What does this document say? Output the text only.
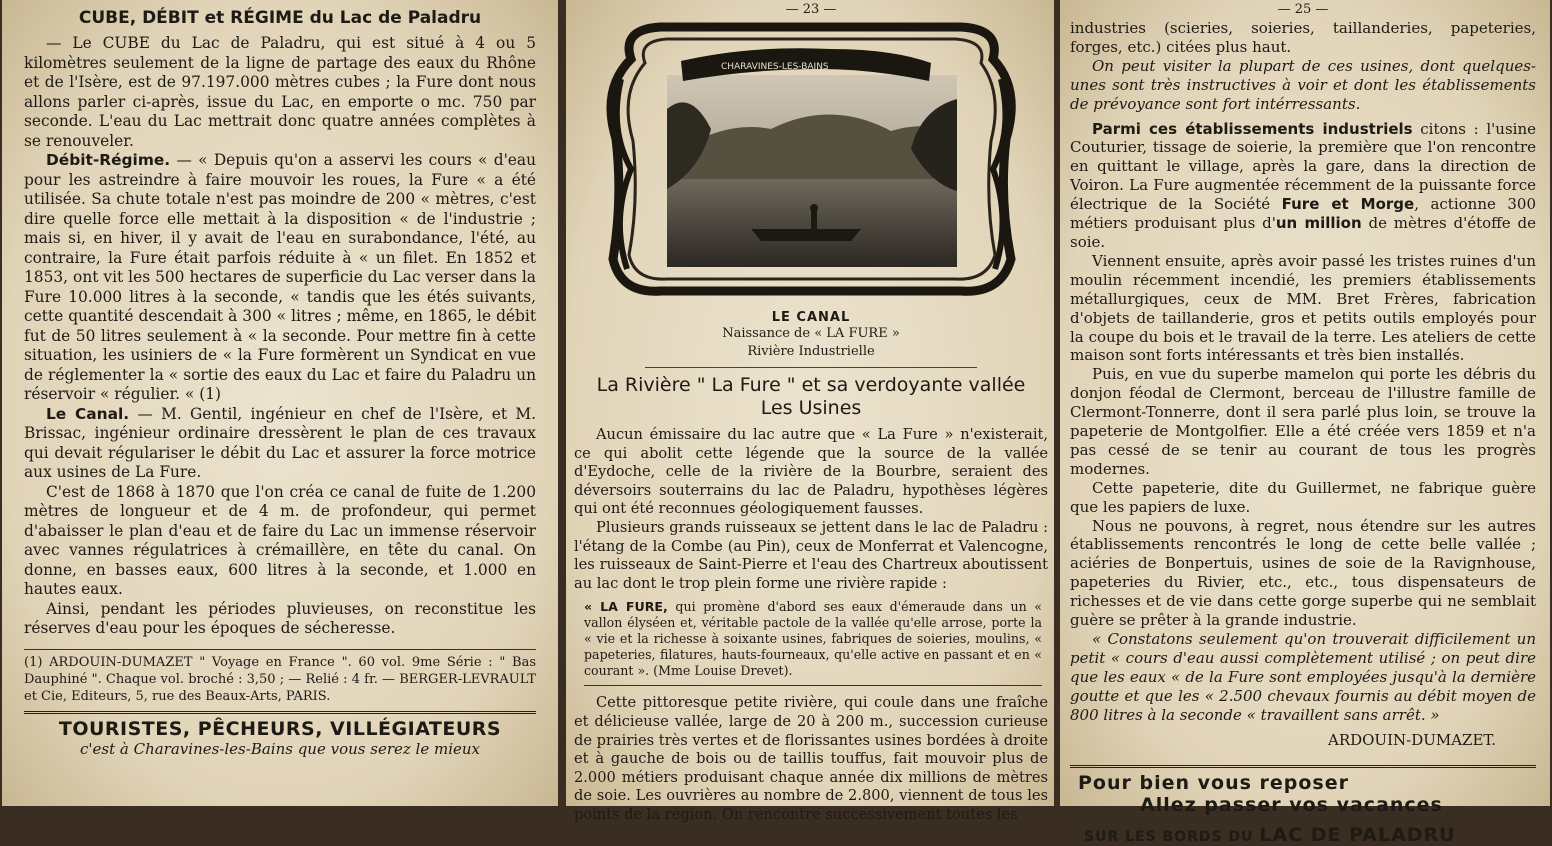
CUBE, DÉBIT et RÉGIME du Lac de Paladru

— Le CUBE du Lac de Paladru, qui est situé à 4 ou 5 kilomètres seulement de la ligne de partage des eaux du Rhône et de l'Isère, est de 97.197.000 mètres cubes ; la Fure dont nous allons parler ci-après, issue du Lac, en emporte o mc. 750 par seconde. L'eau du Lac mettrait donc quatre années complètes à se renouveler.

Débit-Régime. — « Depuis qu'on a asservi les cours « d'eau pour les astreindre à faire mouvoir les roues, la Fure « a été utilisée. Sa chute totale n'est pas moindre de 200 « mètres, c'est dire quelle force elle mettait à la disposition « de l'industrie ; mais si, en hiver, il y avait de l'eau en surabondance, l'été, au contraire, la Fure était parfois réduite à « un filet. En 1852 et 1853, ont vit les 500 hectares de superficie du Lac verser dans la Fure 10.000 litres à la seconde, « tandis que les étés suivants, cette quantité descendait à 300 « litres ; même, en 1865, le débit fut de 50 litres seulement à « la seconde. Pour mettre fin à cette situation, les usiniers de « la Fure formèrent un Syndicat en vue de réglementer la « sortie des eaux du Lac et faire du Paladru un réservoir « régulier. « (1)

Le Canal. — M. Gentil, ingénieur en chef de l'Isère, et M. Brissac, ingénieur ordinaire dressèrent le plan de ces travaux qui devait régulariser le débit du Lac et assurer la force motrice aux usines de La Fure.

C'est de 1868 à 1870 que l'on créa ce canal de fuite de 1.200 mètres de longueur et de 4 m. de profondeur, qui permet d'abaisser le plan d'eau et de faire du Lac un immense réservoir avec vannes régulatrices à crémaillère, en tête du canal. On donne, en basses eaux, 600 litres à la seconde, et 1.000 en hautes eaux.

Ainsi, pendant les périodes pluvieuses, on reconstitue les réserves d'eau pour les époques de sécheresse.

(1) ARDOUIN-DUMAZET " Voyage en France ". 60 vol. 9me Série : " Bas Dauphiné ". Chaque vol. broché : 3,50 ; — Relié : 4 fr. — BERGER-LEVRAULT et Cie, Editeurs, 5, rue des Beaux-Arts, PARIS.

TOURISTES, PÊCHEURS, VILLÉGIATEURS
c'est à Charavines-les-Bains que vous serez le mieux
— 23 —
CHARAVINES-LES-BAINS
LE CANAL
Naissance de « LA FURE »
Rivière Industrielle
La Rivière " La Fure " et sa verdoyante vallée
Les Usines

Aucun émissaire du lac autre que « La Fure » n'existerait, ce qui abolit cette légende que la source de la vallée d'Eydoche, celle de la rivière de la Bourbre, seraient des déversoirs souterrains du lac de Paladru, hypothèses légères qui ont été reconnues géologiquement fausses.

Plusieurs grands ruisseaux se jettent dans le lac de Paladru : l'étang de la Combe (au Pin), ceux de Monferrat et Valencogne, les ruisseaux de Saint-Pierre et l'eau des Chartreux aboutissent au lac dont le trop plein forme une rivière rapide :

« LA FURE, qui promène d'abord ses eaux d'émeraude dans un « vallon élyséen et, véritable pactole de la vallée qu'elle arrose, porte la « vie et la richesse à soixante usines, fabriques de soieries, moulins, « papeteries, filatures, hauts-fourneaux, qu'elle active en passant et en « courant ». (Mme Louise Drevet).

Cette pittoresque petite rivière, qui coule dans une fraîche et délicieuse vallée, large de 20 à 200 m., succession curieuse de prairies très vertes et de florissantes usines bordées à droite et à gauche de bois ou de taillis touffus, fait mouvoir plus de 2.000 métiers produisant chaque année dix millions de mètres de soie. Les ouvrières au nombre de 2.800, viennent de tous les points de la région. On rencontre successivement toutes les

— 25 —

industries (scieries, soieries, taillanderies, papeteries, forges, etc.) citées plus haut.

On peut visiter la plupart de ces usines, dont quelques-unes sont très instructives à voir et dont les établissements de prévoyance sont fort intérressants.

Parmi ces établissements industriels citons : l'usine Couturier, tissage de soierie, la première que l'on rencontre en quittant le village, après la gare, dans la direction de Voiron. La Fure augmentée récemment de la puissante force électrique de la Société Fure et Morge, actionne 300 métiers produisant plus d'un million de mètres d'étoffe de soie.

Viennent ensuite, après avoir passé les tristes ruines d'un moulin récemment incendié, les premiers établissements métallurgiques, ceux de MM. Bret Frères, fabrication d'objets de taillanderie, gros et petits outils employés pour la coupe du bois et le travail de la terre. Les ateliers de cette maison sont forts intéressants et très bien installés.

Puis, en vue du superbe mamelon qui porte les débris du donjon féodal de Clermont, berceau de l'illustre famille de Clermont-Tonnerre, dont il sera parlé plus loin, se trouve la papeterie de Montgolfier. Elle a été créée vers 1859 et n'a pas cessé de se tenir au courant de tous les progrès modernes.

Cette papeterie, dite du Guillermet, ne fabrique guère que les papiers de luxe.

Nous ne pouvons, à regret, nous étendre sur les autres établissements rencontrés le long de cette belle vallée ; aciéries de Bonpertuis, usines de soie de la Ravignhouse, papeteries du Rivier, etc., etc., tous dispensateurs de richesses et de vie dans cette gorge superbe qui ne semblait guère se prêter à la grande industrie.

« Constatons seulement qu'on trouverait difficilement un petit « cours d'eau aussi complètement utilisé ; on peut dire que les eaux « de la Fure sont employées jusqu'à la dernière goutte et que les « 2.500 chevaux fournis au débit moyen de 800 litres à la seconde « travaillent sans arrêt. »

ARDOUIN-DUMAZET.
Pour bien vous reposer
Allez passer vos vacances
SUR LES BORDS DU LAC DE PALADRU
